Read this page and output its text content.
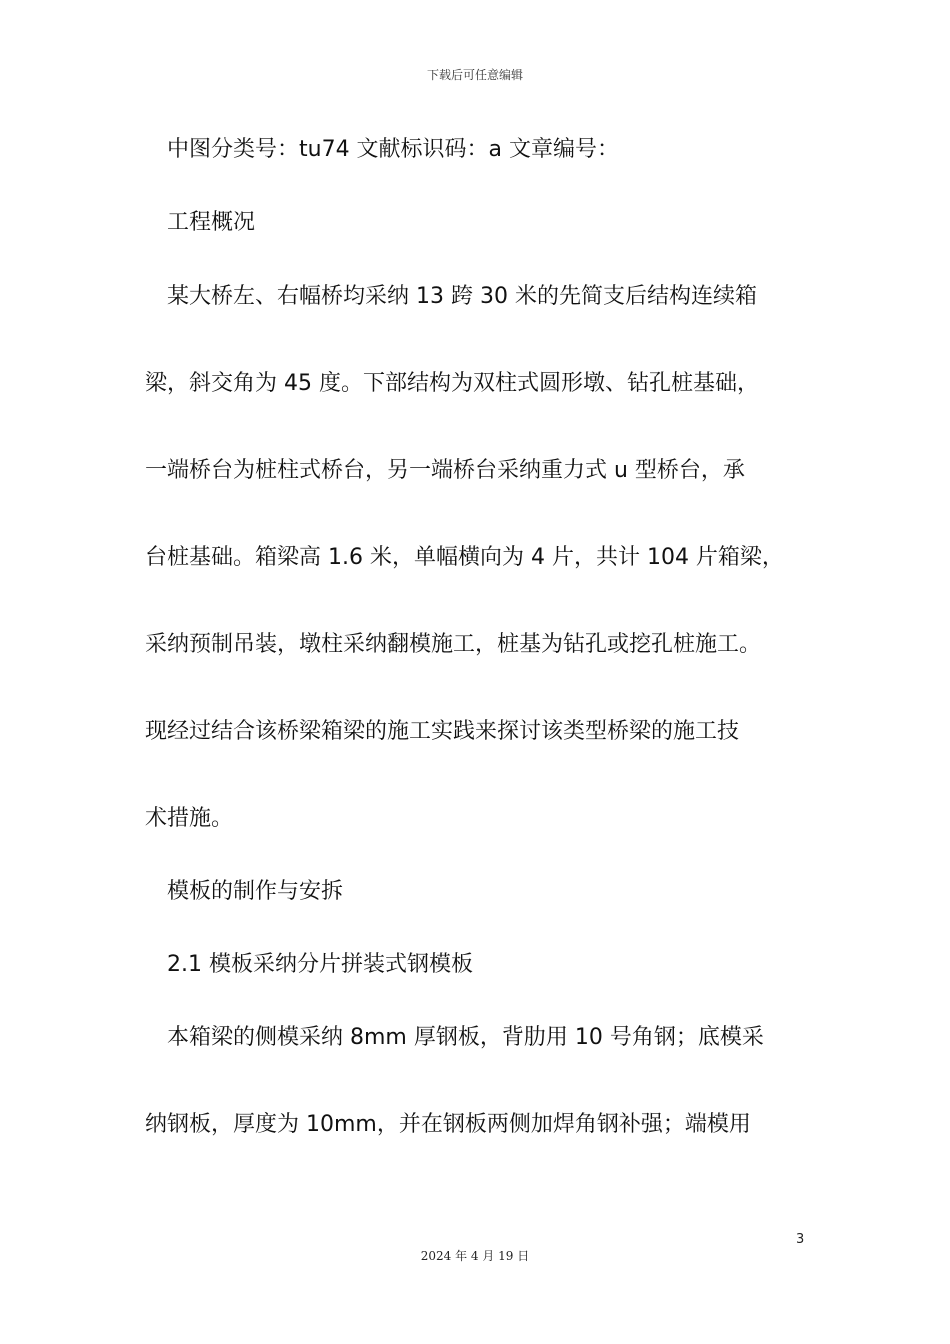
下载后可任意编辑
中图分类号：tu74 文献标识码：a 文章编号：
工程概况
某大桥左、右幅桥均采纳 13 跨 30 米的先简支后结构连续箱
梁，斜交角为 45 度。下部结构为双柱式圆形墩、钻孔桩基础，
一端桥台为桩柱式桥台，另一端桥台采纳重力式 u 型桥台，承
台桩基础。箱梁高 1.6 米，单幅横向为 4 片，共计 104 片箱梁，
采纳预制吊装，墩柱采纳翻模施工，桩基为钻孔或挖孔桩施工。
现经过结合该桥梁箱梁的施工实践来探讨该类型桥梁的施工技
术措施。
模板的制作与安拆
2.1 模板采纳分片拼装式钢模板
本箱梁的侧模采纳 8mm 厚钢板，背肋用 10 号角钢；底模采
纳钢板，厚度为 10mm，并在钢板两侧加焊角钢补强；端模用
3
2024 年 4 月 19 日
